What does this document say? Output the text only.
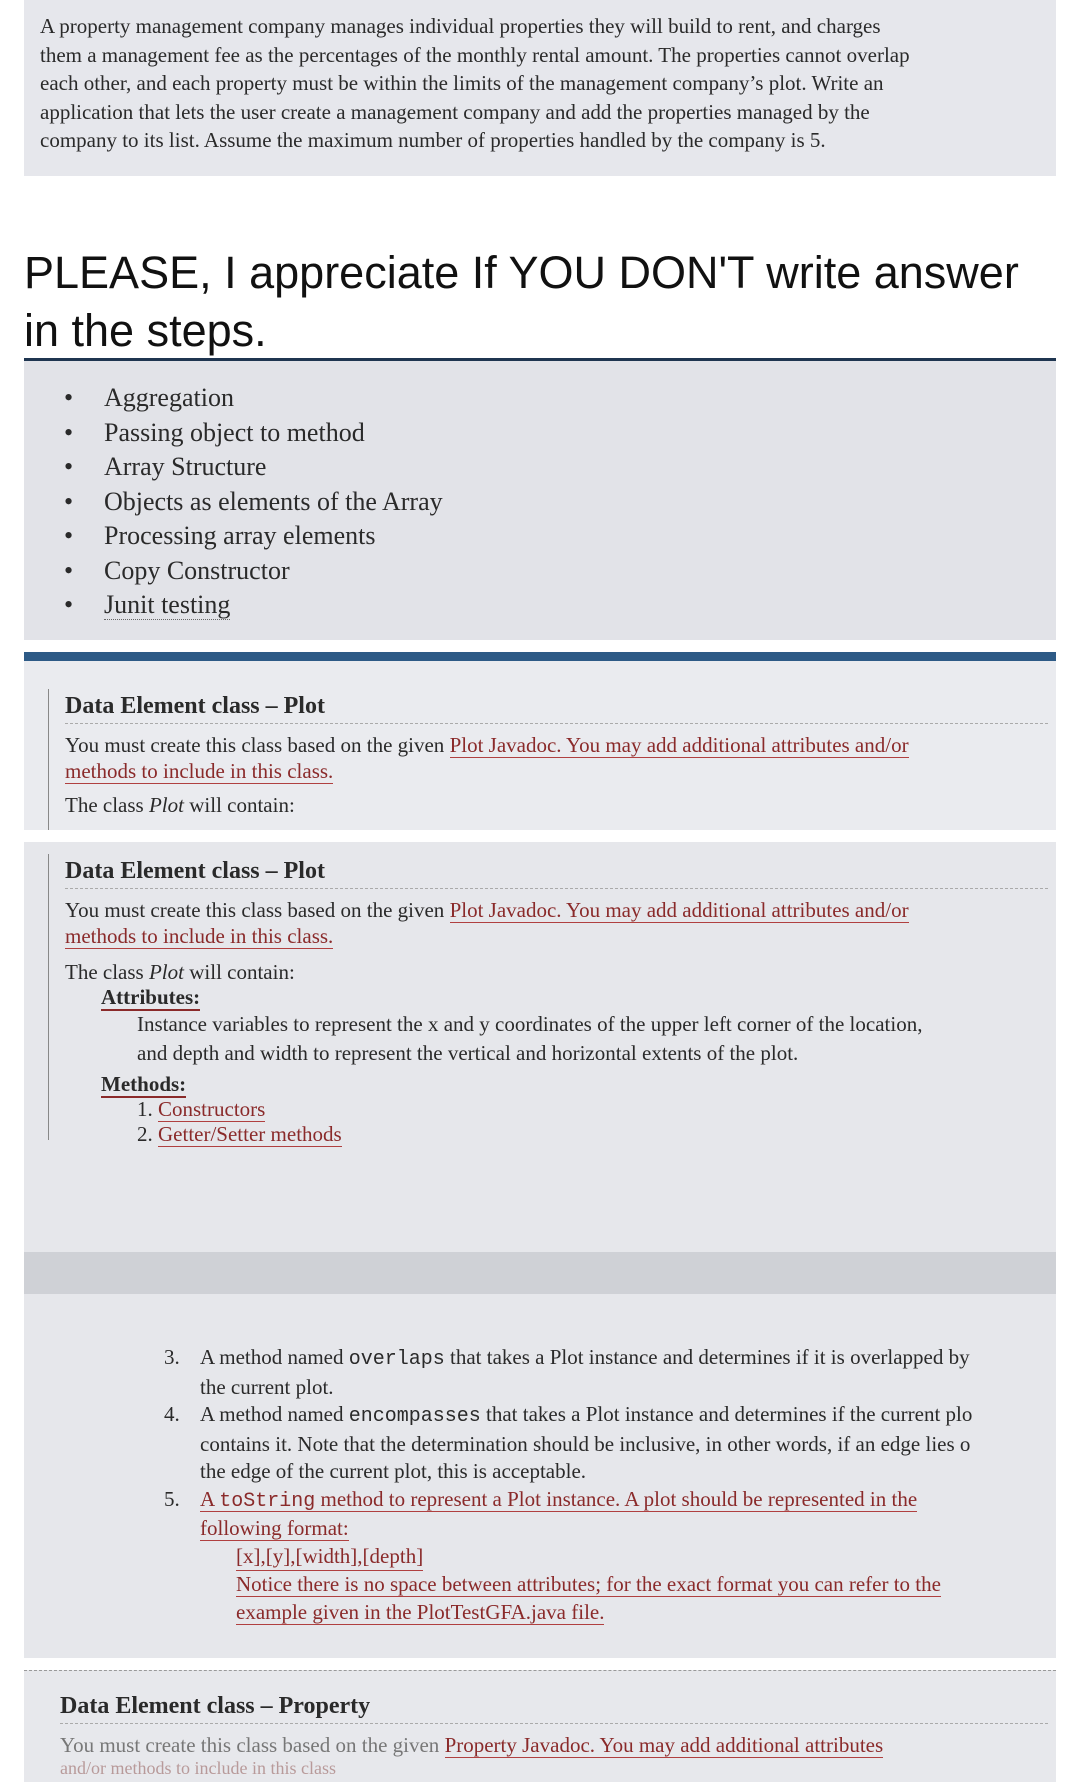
A property management company manages individual properties they will build to rent, and charges
them a management fee as the percentages of the monthly rental amount. The properties cannot overlap
each other, and each property must be within the limits of the management company’s plot. Write an
application that lets the user create a management company and add the properties managed by the
company to its list. Assume the maximum number of properties handled by the company is 5.
PLEASE, I appreciate If YOU DON'T write answer
in the steps.
• Aggregation
• Passing object to method
• Array Structure
• Objects as elements of the Array
• Processing array elements
• Copy Constructor
• Junit testing
Data Element class – Plot
You must create this class based on the given Plot Javadoc. You may add additional attributes and/or
methods to include in this class.
The class Plot will contain:
Data Element class – Plot
You must create this class based on the given Plot Javadoc. You may add additional attributes and/or
methods to include in this class.
The class Plot will contain:
Attributes:
Instance variables to represent the x and y coordinates of the upper left corner of the location,
and depth and width to represent the vertical and horizontal extents of the plot.
Methods:
1. Constructors
2. Getter/Setter methods
3. A method named overlaps that takes a Plot instance and determines if it is overlapped by
the current plot.
4. A method named encompasses that takes a Plot instance and determines if the current plo
contains it. Note that the determination should be inclusive, in other words, if an edge lies o
the edge of the current plot, this is acceptable.
5. A toString method to represent a Plot instance. A plot should be represented in the
following format:
[x],[y],[width],[depth]
Notice there is no space between attributes; for the exact format you can refer to the
example given in the PlotTestGFA.java file.
Data Element class – Property
You must create this class based on the given Property Javadoc. You may add additional attributes
and/or methods to include in this class
